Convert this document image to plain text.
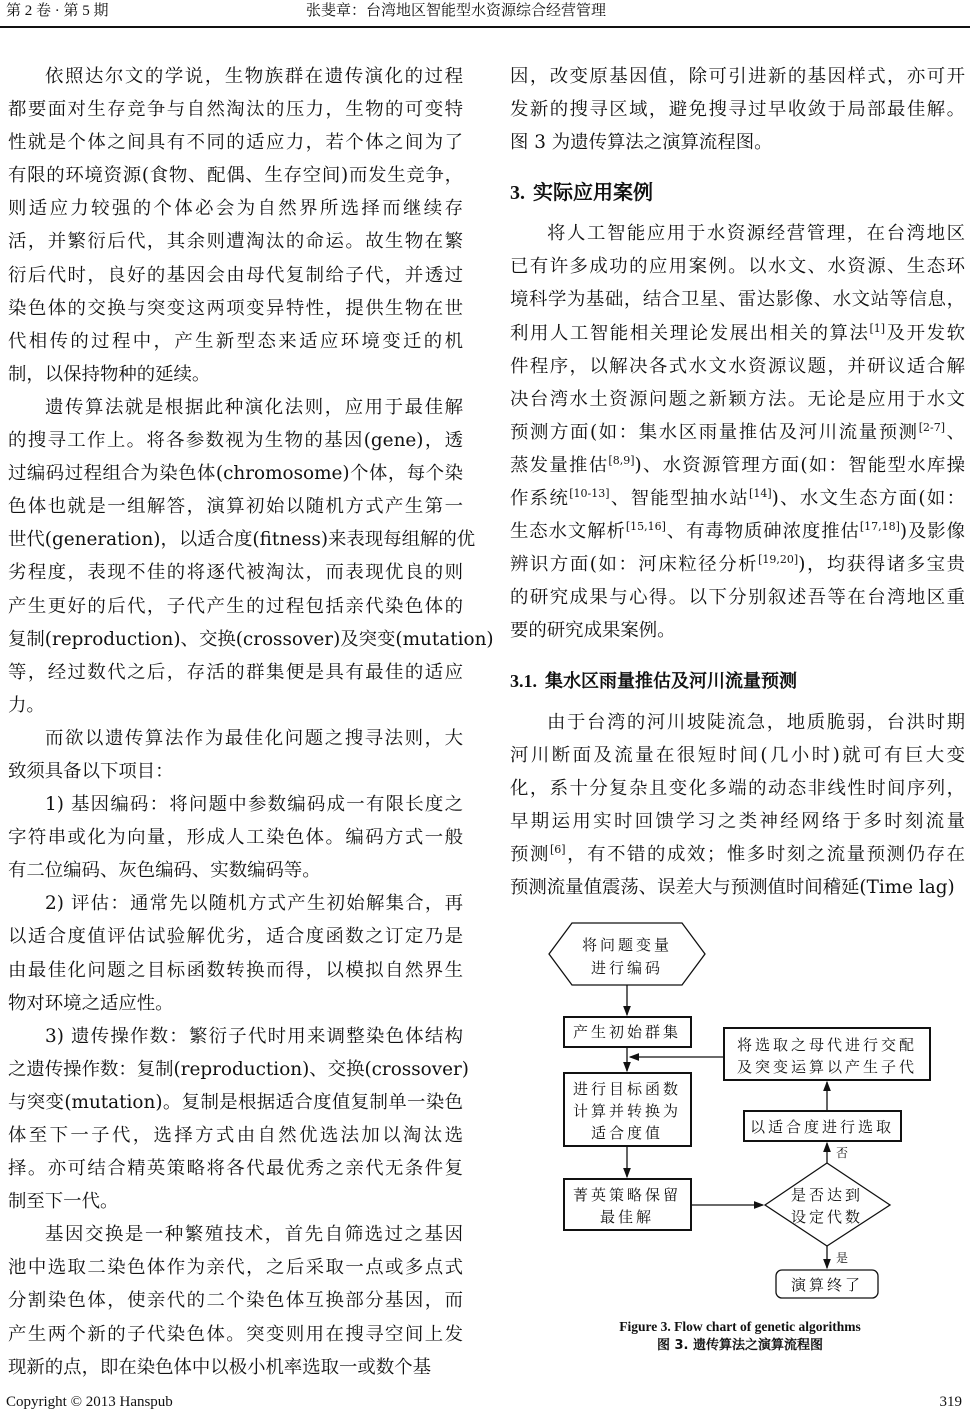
第 2 卷 · 第 5 期	张斐章：台湾地区智能型水资源综合经营管理
依照达尔文的学说，生物族群在遗传演化的过程
都要面对生存竞争与自然淘汰的压力，生物的可变特
性就是个体之间具有不同的适应力，若个体之间为了
有限的环境资源(食物、配偶、生存空间)而发生竞争，
则适应力较强的个体必会为自然界所选择而继续存
活，并繁衍后代，其余则遭淘汰的命运。故生物在繁
衍后代时，良好的基因会由母代复制给子代，并透过
染色体的交换与突变这两项变异特性，提供生物在世
代相传的过程中，产生新型态来适应环境变迁的机
制，以保持物种的延续。
遗传算法就是根据此种演化法则，应用于最佳解
的搜寻工作上。将各参数视为生物的基因(gene)，透
过编码过程组合为染色体(chromosome)个体，每个染
色体也就是一组解答，演算初始以随机方式产生第一
世代(generation)，以适合度(fitness)来表现每组解的优
劣程度，表现不佳的将逐代被淘汰，而表现优良的则
产生更好的后代，子代产生的过程包括亲代染色体的
复制(reproduction)、交换(crossover)及突变(mutation)
等，经过数代之后，存活的群集便是具有最佳的适应
力。
而欲以遗传算法作为最佳化问题之搜寻法则，大
致须具备以下项目：
1) 基因编码：将问题中参数编码成一有限长度之
字符串或化为向量，形成人工染色体。编码方式一般
有二位编码、灰色编码、实数编码等。
2) 评估：通常先以随机方式产生初始解集合，再
以适合度值评估试验解优劣，适合度函数之订定乃是
由最佳化问题之目标函数转换而得，以模拟自然界生
物对环境之适应性。
3) 遗传操作数：繁衍子代时用来调整染色体结构
之遗传操作数：复制(reproduction)、交换(crossover)
与突变(mutation)。复制是根据适合度值复制单一染色
体至下一子代，选择方式由自然优选法加以淘汰选
择。亦可结合精英策略将各代最优秀之亲代无条件复
制至下一代。
基因交换是一种繁殖技术，首先自筛选过之基因
池中选取二染色体作为亲代，之后采取一点或多点式
分割染色体，使亲代的二个染色体互换部分基因，而
产生两个新的子代染色体。突变则用在搜寻空间上发
现新的点，即在染色体中以极小机率选取一或数个基
因，改变原基因值，除可引进新的基因样式，亦可开
发新的搜寻区域，避免搜寻过早收敛于局部最佳解。
图 3 为遗传算法之演算流程图。
3. 实际应用案例
将人工智能应用于水资源经营管理，在台湾地区
已有许多成功的应用案例。以水文、水资源、生态环
境科学为基础，结合卫星、雷达影像、水文站等信息，
利用人工智能相关理论发展出相关的算法[1]及开发软
件程序，以解决各式水文水资源议题，并研议适合解
决台湾水土资源问题之新颖方法。无论是应用于水文
预测方面(如：集水区雨量推估及河川流量预测[2-7]、
蒸发量推估[8,9])、水资源管理方面(如：智能型水库操
作系统[10-13]、智能型抽水站[14])、水文生态方面(如：
生态水文解析[15,16]、有毒物质砷浓度推估[17,18])及影像
辨识方面(如：河床粒径分析[19,20])，均获得诸多宝贵
的研究成果与心得。以下分别叙述吾等在台湾地区重
要的研究成果案例。
3.1. 集水区雨量推估及河川流量预测
由于台湾的河川坡陡流急，地质脆弱，台洪时期
河川断面及流量在很短时间(几小时)就可有巨大变
化，系十分复杂且变化多端的动态非线性时间序列，
早期运用实时回馈学习之类神经网络于多时刻流量
预测[6]，有不错的成效；惟多时刻之流量预测仍存在
预测流量值震荡、误差大与预测值时间稽延(Time lag)
将问题变量
进行编码
产生初始群集
进行目标函数
计算并转换为
适合度值
菁英策略保留
最佳解
将选取之母代进行交配
及突变运算以产生子代
以适合度进行选取
是否达到
设定代数
演算终了
否
是
Figure 3. Flow chart of genetic algorithms
图 3. 遗传算法之演算流程图
Copyright © 2013 Hanspub	319
